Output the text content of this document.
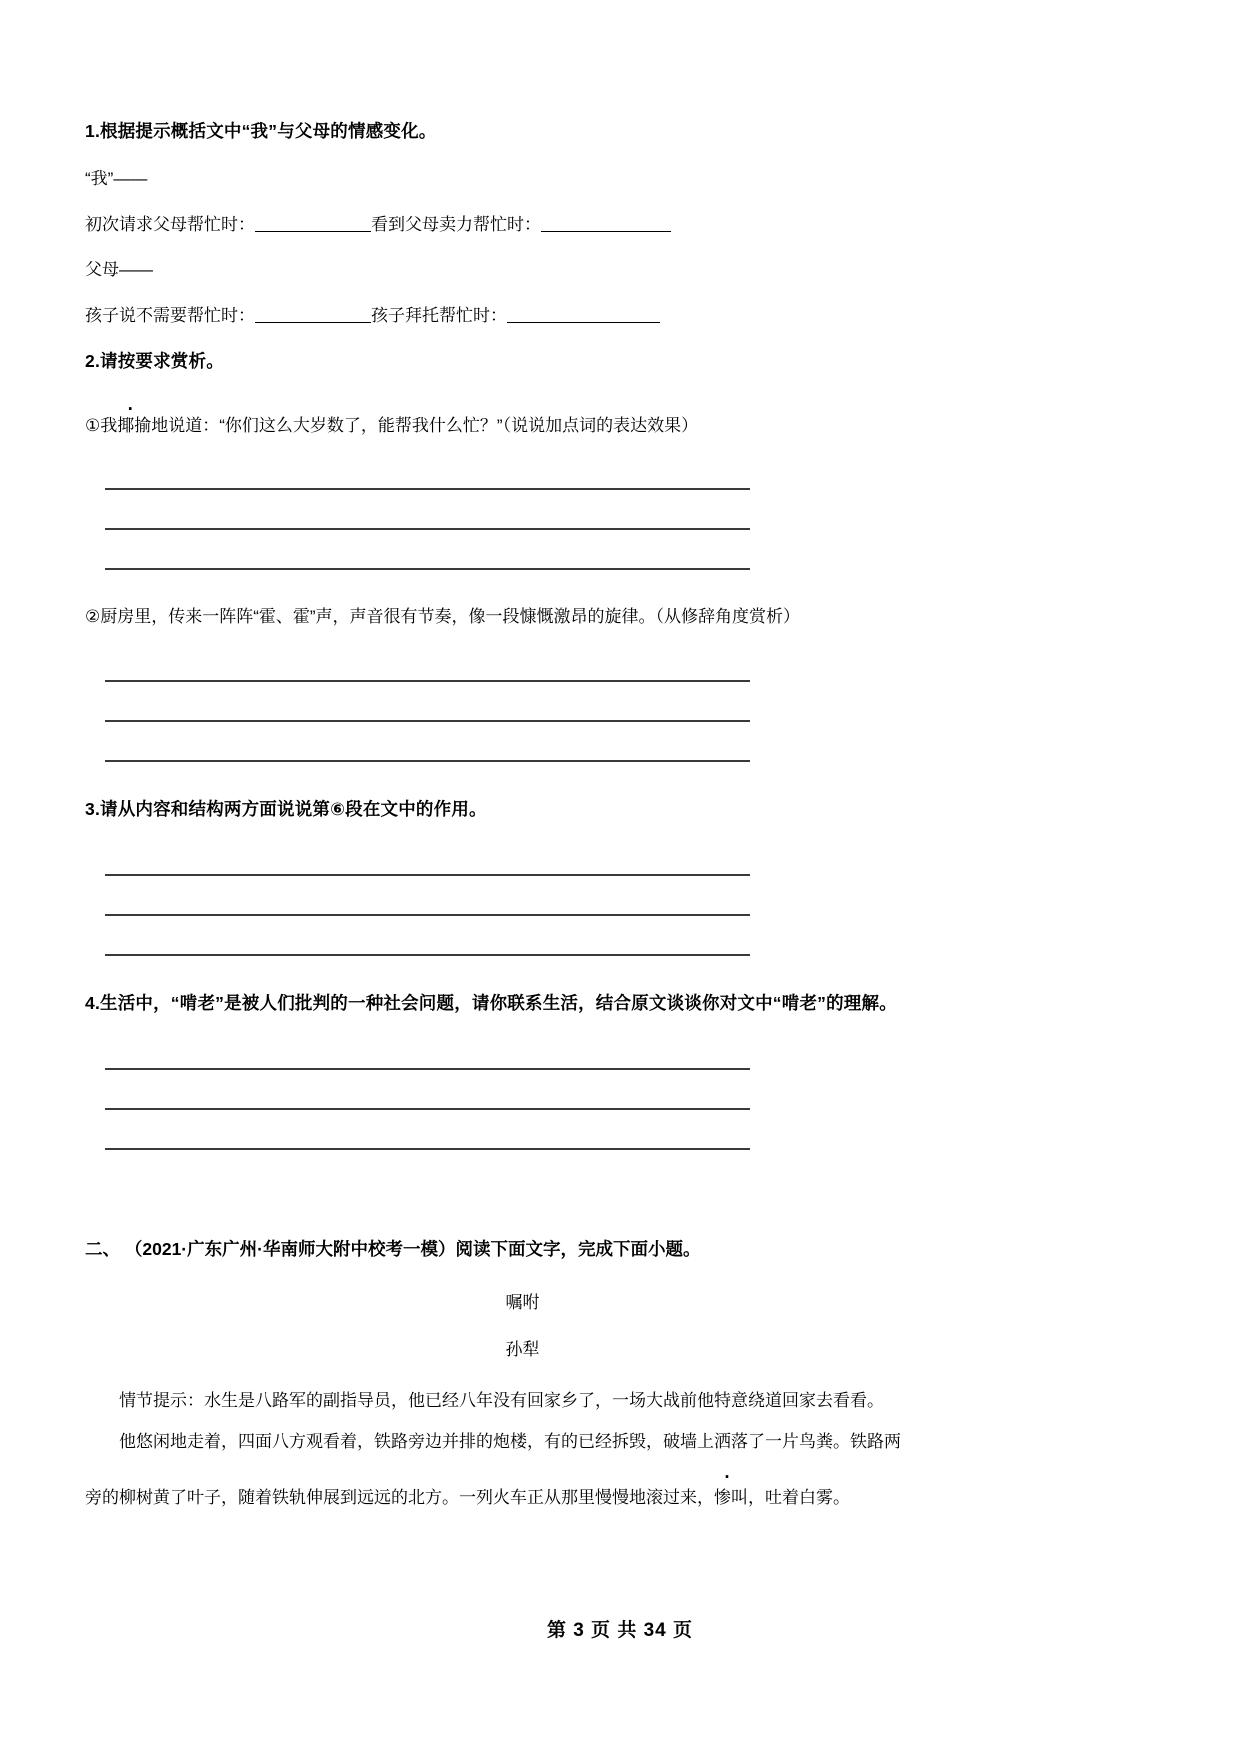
1.根据提示概括文中“我”与父母的情感变化。

“我”——

初次请求父母帮忙时：	看到父母卖力帮忙时：

父母——

孩子说不需要帮忙时：	孩子拜托帮忙时：

2.请按要求赏析。

①我揶揄地说道：“你们这么大岁数了，能帮我什么忙？”（说说加点词的表达效果）

②厨房里，传来一阵阵“霍、霍”声，声音很有节奏，像一段慷慨激昂的旋律。（从修辞角度赏析）

3.请从内容和结构两方面说说第⑥段在文中的作用。

4.生活中，“啃老”是被人们批判的一种社会问题，请你联系生活，结合原文谈谈你对文中“啃老”的理解。

二、 （2021·广东广州·华南师大附中校考一模）阅读下面文字，完成下面小题。

嘱咐

孙犁

情节提示：水生是八路军的副指导员，他已经八年没有回家乡了，一场大战前他特意绕道回家去看看。

他悠闲地走着，四面八方观看着，铁路旁边并排的炮楼，有的已经拆毁，破墙上洒落了一片鸟粪。铁路两

旁的柳树黄了叶子，随着铁轨伸展到远远的北方。一列火车正从那里慢慢地滚过来，惨叫，吐着白雾。

第 3 页 共 34 页
